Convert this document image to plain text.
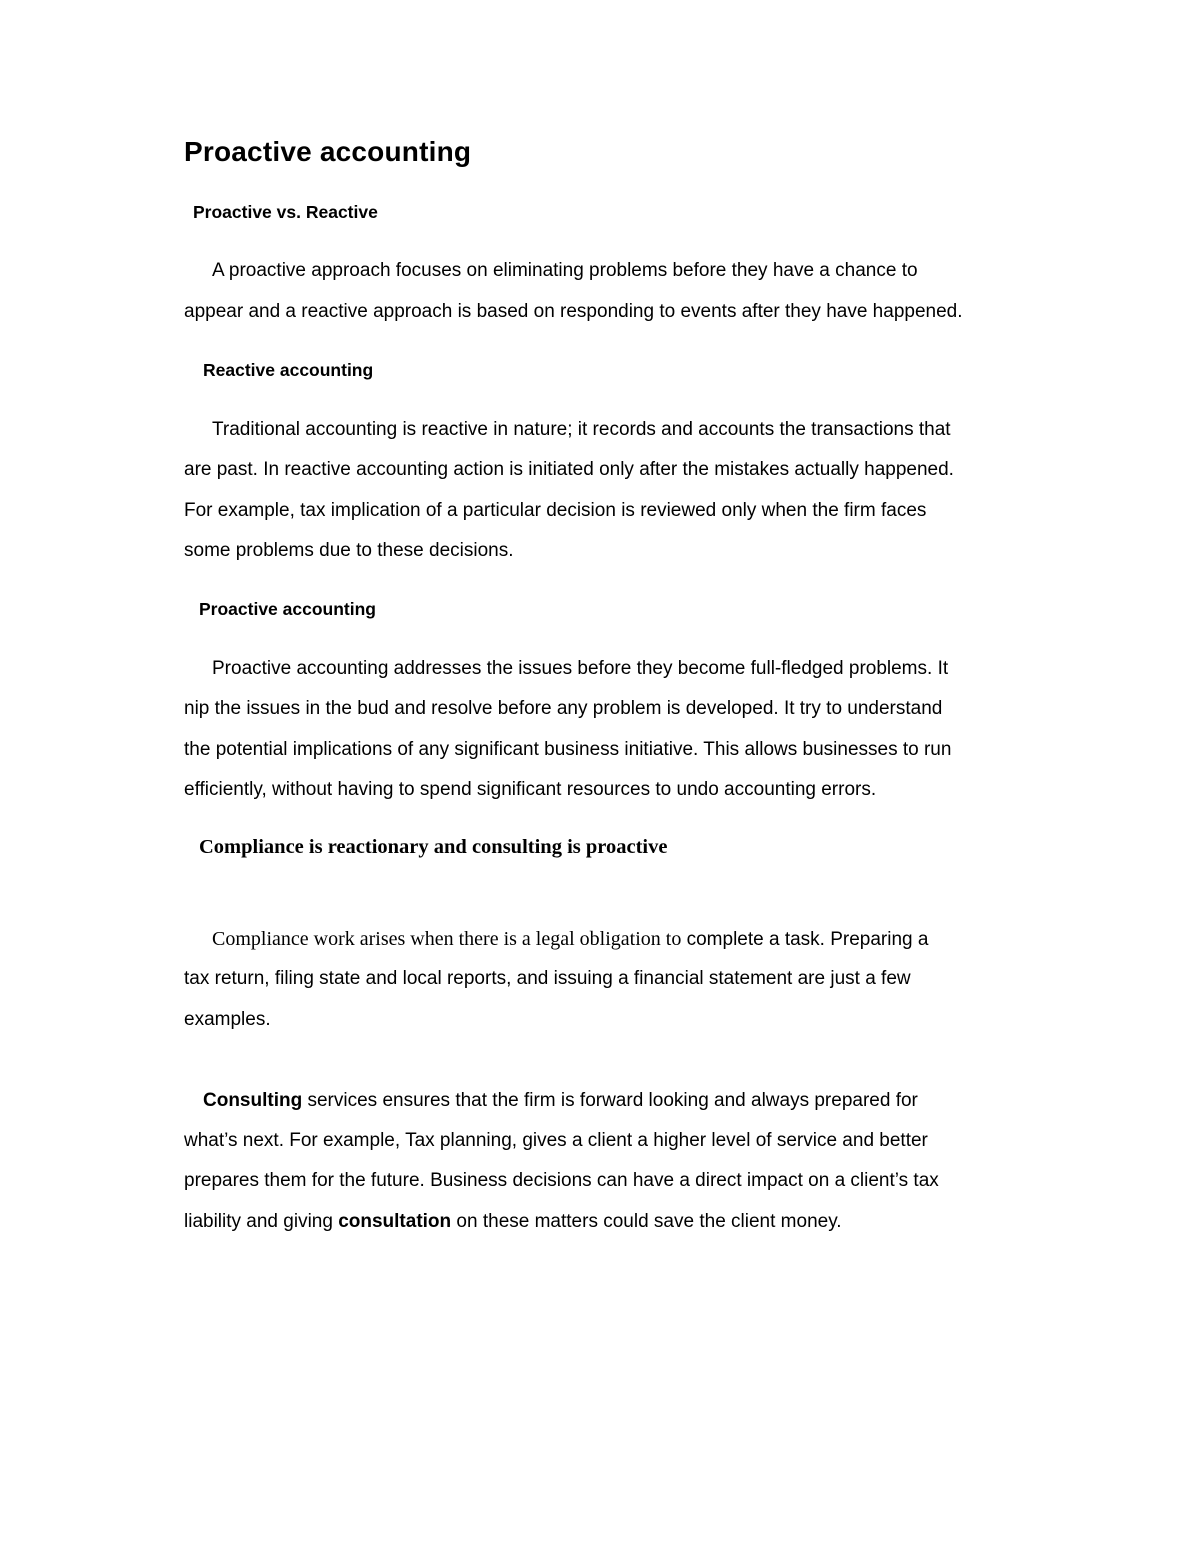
Proactive accounting
Proactive vs. Reactive
A proactive approach focuses on eliminating problems before they have a chance to
appear and a reactive approach is based on responding to events after they have happened.
Reactive accounting
Traditional accounting is reactive in nature; it records and accounts the transactions that
are past. In reactive accounting action is initiated only after the mistakes actually happened.
For example, tax implication of a particular decision is reviewed only when the firm faces
some problems due to these decisions.
Proactive accounting
Proactive accounting addresses the issues before they become full-fledged problems. It
nip the issues in the bud and resolve before any problem is developed. It try to understand
the potential implications of any significant business initiative. This allows businesses to run
efficiently, without having to spend significant resources to undo accounting errors.
Compliance is reactionary and consulting is proactive
Compliance work arises when there is a legal obligation to complete a task. Preparing a
tax return, filing state and local reports, and issuing a financial statement are just a few
examples.
Consulting services ensures that the firm is forward looking and always prepared for
what’s next. For example, Tax planning, gives a client a higher level of service and better
prepares them for the future. Business decisions can have a direct impact on a client’s tax
liability and giving consultation on these matters could save the client money.
